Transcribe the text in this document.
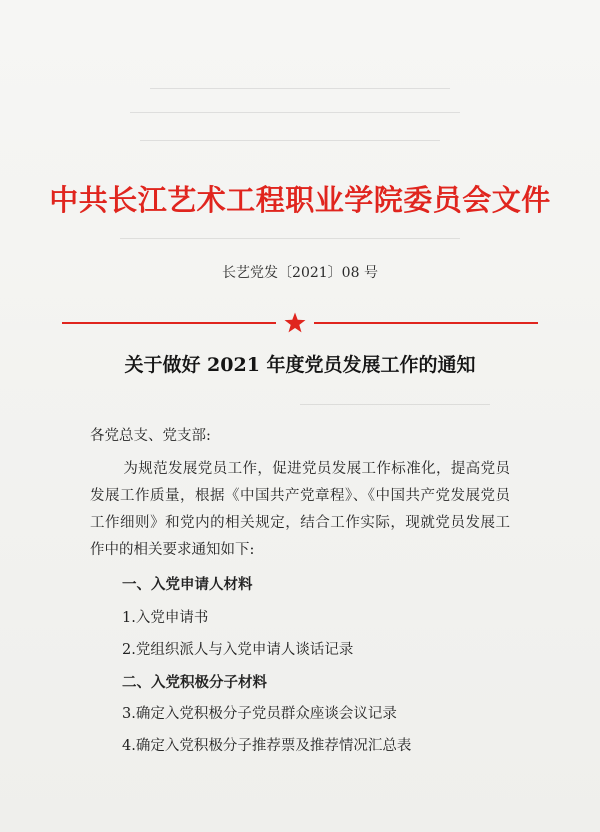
中共长江艺术工程职业学院委员会文件
长艺党发〔2021〕08 号
关于做好 2021 年度党员发展工作的通知
各党总支、党支部:
为规范发展党员工作，促进党员发展工作标准化，提高党员发展工作质量，根据《中国共产党章程》、《中国共产党发展党员工作细则》和党内的相关规定，结合工作实际，现就党员发展工作中的相关要求通知如下:
一、入党申请人材料
1.入党申请书
2.党组织派人与入党申请人谈话记录
二、入党积极分子材料
3.确定入党积极分子党员群众座谈会议记录
4.确定入党积极分子推荐票及推荐情况汇总表
